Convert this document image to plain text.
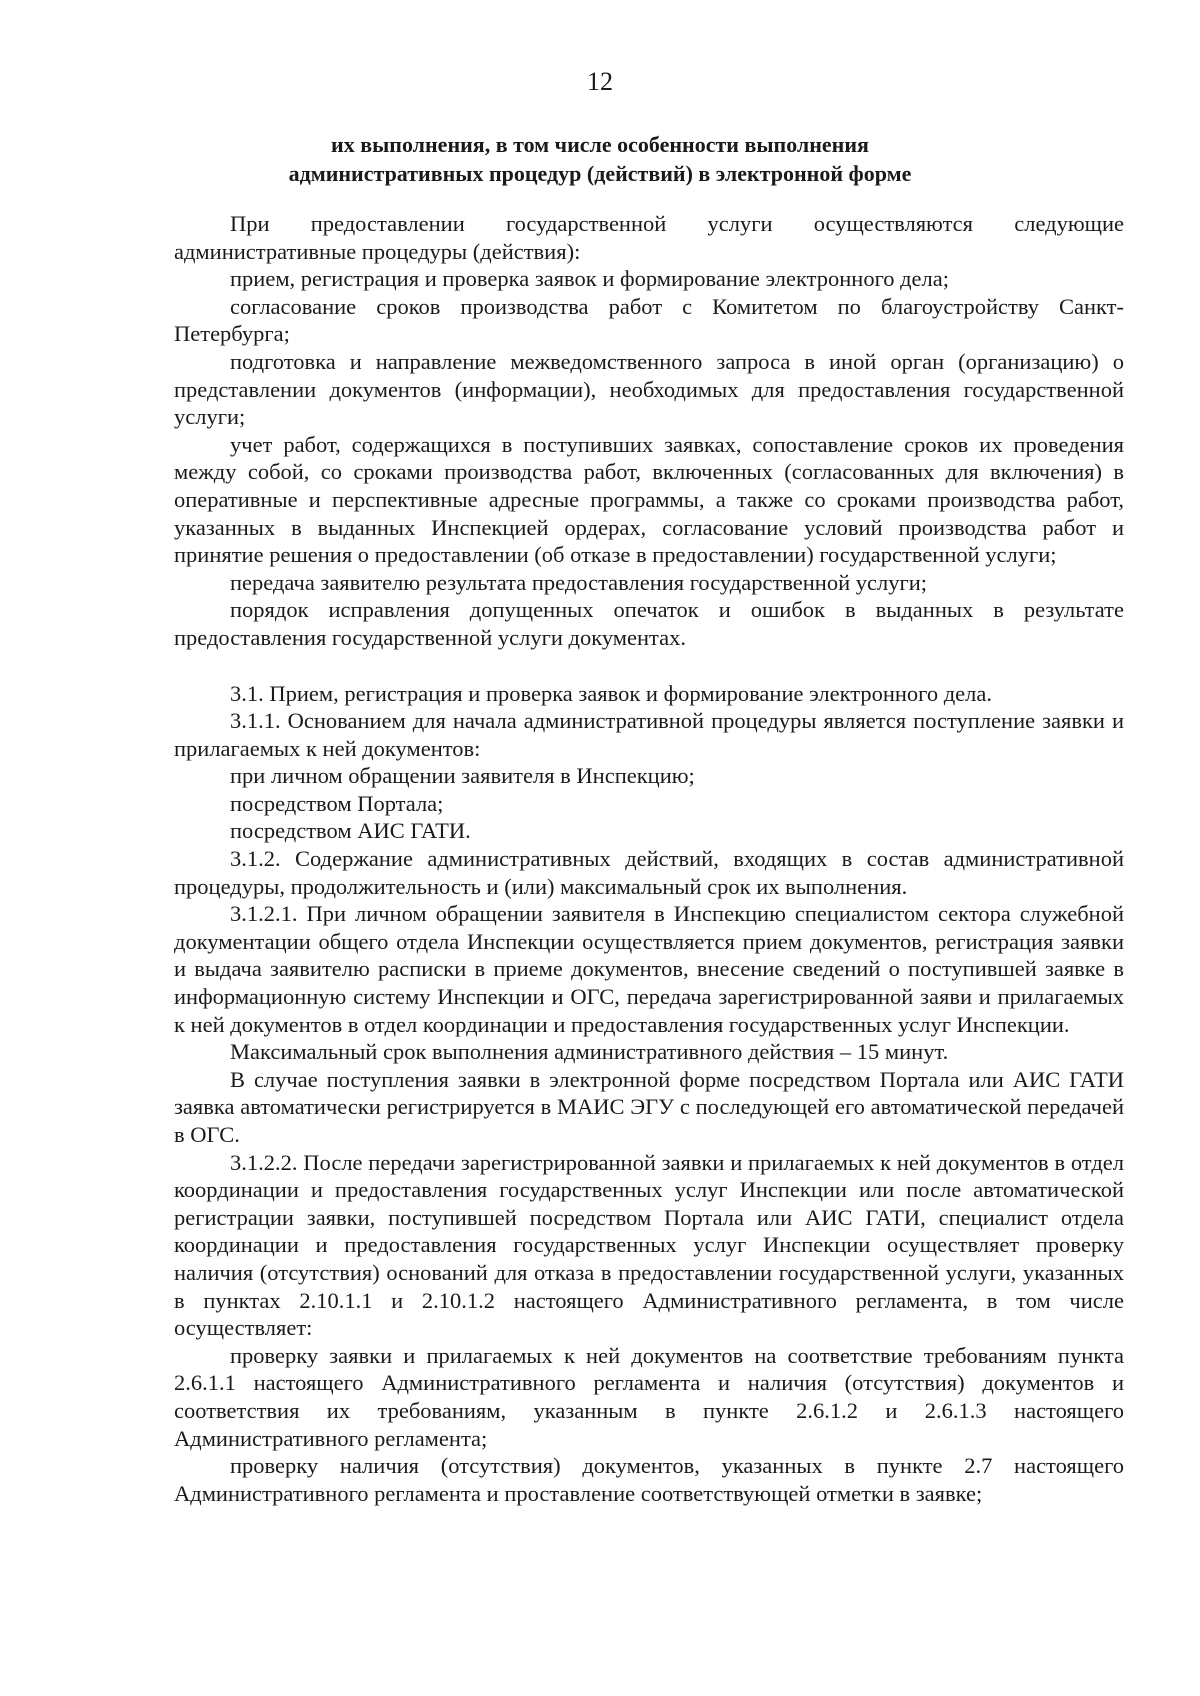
12
их выполнения, в том числе особенности выполнения
административных процедур (действий) в электронной форме

При предоставлении государственной услуги осуществляются следующие административные процедуры (действия):

прием, регистрация и проверка заявок и формирование электронного дела;

согласование сроков производства работ с Комитетом по благоустройству Санкт-Петербурга;

подготовка и направление межведомственного запроса в иной орган (организацию) о представлении документов (информации), необходимых для предоставления государственной услуги;

учет работ, содержащихся в поступивших заявках, сопоставление сроков их проведения между собой, со сроками производства работ, включенных (согласованных для включения) в оперативные и перспективные адресные программы, а также со сроками производства работ, указанных в выданных Инспекцией ордерах, согласование условий производства работ и принятие решения о предоставлении (об отказе в предоставлении) государственной услуги;

передача заявителю результата предоставления государственной услуги;

порядок исправления допущенных опечаток и ошибок в выданных в результате предоставления государственной услуги документах.

3.1. Прием, регистрация и проверка заявок и формирование электронного дела.

3.1.1. Основанием для начала административной процедуры является поступление заявки и прилагаемых к ней документов:

при личном обращении заявителя в Инспекцию;

посредством Портала;

посредством АИС ГАТИ.

3.1.2. Содержание административных действий, входящих в состав административной процедуры, продолжительность и (или) максимальный срок их выполнения.

3.1.2.1. При личном обращении заявителя в Инспекцию специалистом сектора служебной документации общего отдела Инспекции осуществляется прием документов, регистрация заявки и выдача заявителю расписки в приеме документов, внесение сведений о поступившей заявке в информационную систему Инспекции и ОГС, передача зарегистрированной заяви и прилагаемых к ней документов в отдел координации и предоставления государственных услуг Инспекции.

Максимальный срок выполнения административного действия – 15 минут.

В случае поступления заявки в электронной форме посредством Портала или АИС ГАТИ заявка автоматически регистрируется в МАИС ЭГУ с последующей его автоматической передачей в ОГС.

3.1.2.2. После передачи зарегистрированной заявки и прилагаемых к ней документов в отдел координации и предоставления государственных услуг Инспекции или после автоматической регистрации заявки, поступившей посредством Портала или АИС ГАТИ, специалист отдела координации и предоставления государственных услуг Инспекции осуществляет проверку наличия (отсутствия) оснований для отказа в предоставлении государственной услуги, указанных в пунктах 2.10.1.1 и 2.10.1.2 настоящего Административного регламента, в том числе осуществляет:

проверку заявки и прилагаемых к ней документов на соответствие требованиям пункта 2.6.1.1 настоящего Административного регламента и наличия (отсутствия) документов и соответствия их требованиям, указанным в пункте 2.6.1.2 и 2.6.1.3 настоящего Административного регламента;

проверку наличия (отсутствия) документов, указанных в пункте 2.7 настоящего Административного регламента и проставление соответствующей отметки в заявке;
